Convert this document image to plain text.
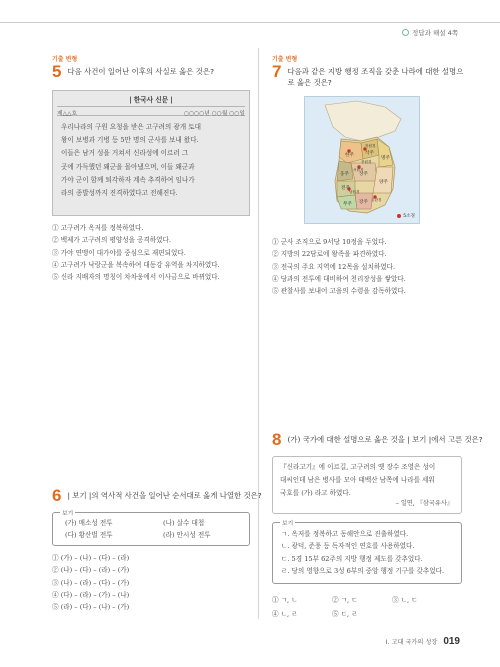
정답과 해설 4쪽
기출 변형
5 다음 사건이 일어난 이후의 사실로 옳은 것은?
| 한국사 신문 |
제△△호	○○○○년 ○○월 ○○일
우리나라의 구원 요청을 받은 고구려의 광개 토대
왕이 보병과 기병 등 5만 명의 군사를 보내 왔다.
이들은 남거 성을 거쳐서 신라성에 이르러 그
곳에 가득했던 왜군을 몰아냈으며, 이들 왜군과
가야 군이 함께 퇴각하자 계속 추격하여 임나가
라의 종발성까지 진격하였다고 전해진다.
① 고구려가 옥저를 정복하였다.
② 백제가 고구려의 평양성을 공격하였다.
③ 가야 연맹이 대가야를 중심으로 재편되었다.
④ 고구려가 낙랑군을 복속하여 대동강 유역을 차지하였다.
⑤ 신라 지배자의 명칭이 차차웅에서 이사금으로 바뀌었다.
6 | 보기 |의 역사적 사건을 일어난 순서대로 옳게 나열한 것은?
보기
(가) 매소성 전투	(나) 살수 대첩
(다) 황산벌 전투	(라) 안시성 전투
① (가) – (나) – (다) – (라)
② (나) – (다) – (라) – (가)
③ (나) – (라) – (다) – (가)
④ (다) – (라) – (가) – (나)
⑤ (라) – (다) – (나) – (가)
기출 변형
7 다음과 같은 지방 행정 조직을 갖춘 나라에 대한 설명으로 옳은 것은?
한주 삭주
명주
웅주 상주
전주
강주
무주
양주
남원경
서원경
금관경
중원경
북원경
5소경
① 군사 조직으로 9서당 10정을 두었다.
② 지방의 22담로에 왕족을 파견하였다.
③ 전국의 주요 지역에 12목을 설치하였다.
④ 당과의 전투에 대비하여 천리장성을 쌓았다.
⑤ 관찰사를 보내어 고을의 수령을 감독하였다.
8 (가) 국가에 대한 설명으로 옳은 것을 | 보기 |에서 고른 것은?
『신라고기』에 이르길, 고구려의 옛 장수 조영은 성이
대씨인데 남은 병사를 모아 태백산 남쪽에 나라를 세워
국호를 (가) 라고 하였다.
– 일연, 『삼국유사』
보기
ㄱ. 옥저를 정복하고 동해안으로 진출하였다.
ㄴ. 광덕, 준풍 등 독자적인 연호를 사용하였다.
ㄷ. 5경 15부 62주의 지방 행정 제도를 갖추었다.
ㄹ. 당의 영향으로 3성 6부의 중앙 행정 기구를 갖추었다.
① ㄱ, ㄴ	② ㄱ, ㄷ	③ ㄴ, ㄷ
④ ㄴ, ㄹ	⑤ ㄷ, ㄹ
I. 고대 국가의 성장 019
